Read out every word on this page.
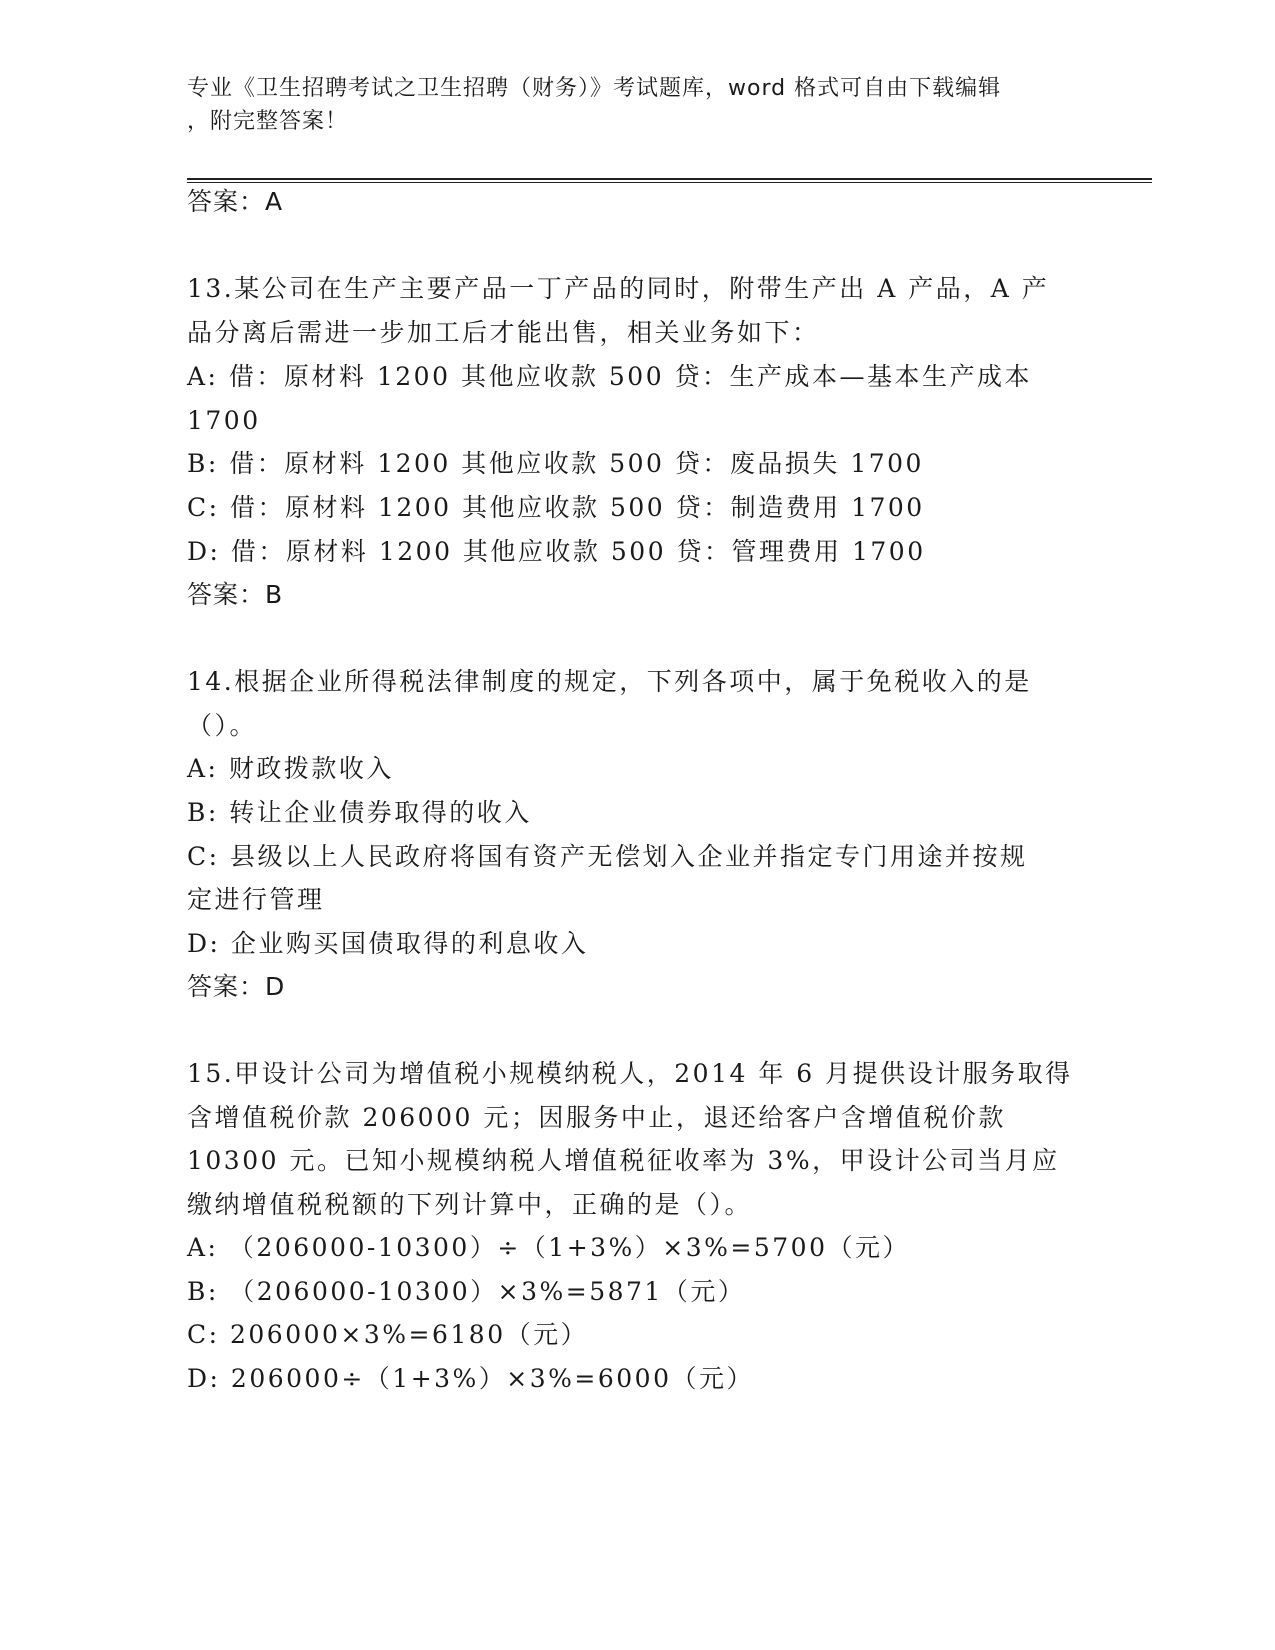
专业《卫生招聘考试之卫生招聘（财务）》考试题库，word 格式可自由下载编辑
，附完整答案！
答案：A
13.某公司在生产主要产品一丁产品的同时，附带生产出 A 产品，A 产
品分离后需进一步加工后才能出售，相关业务如下：
A: 借：原材料 1200 其他应收款 500 贷：生产成本—基本生产成本
1700
B: 借：原材料 1200 其他应收款 500 贷：废品损失 1700
C: 借：原材料 1200 其他应收款 500 贷：制造费用 1700
D: 借：原材料 1200 其他应收款 500 贷：管理费用 1700
答案：B
14.根据企业所得税法律制度的规定，下列各项中，属于免税收入的是
（）。
A: 财政拨款收入
B: 转让企业债券取得的收入
C: 县级以上人民政府将国有资产无偿划入企业并指定专门用途并按规
定进行管理
D: 企业购买国债取得的利息收入
答案：D
15.甲设计公司为增值税小规模纳税人，2014 年 6 月提供设计服务取得
含增值税价款 206000 元；因服务中止，退还给客户含增值税价款
10300 元。已知小规模纳税人增值税征收率为 3%，甲设计公司当月应
缴纳增值税税额的下列计算中，正确的是（）。
A: （206000-10300）÷（1+3%）×3%=5700（元）
B: （206000-10300）×3%=5871（元）
C: 206000×3%=6180（元）
D: 206000÷（1+3%）×3%=6000（元）
